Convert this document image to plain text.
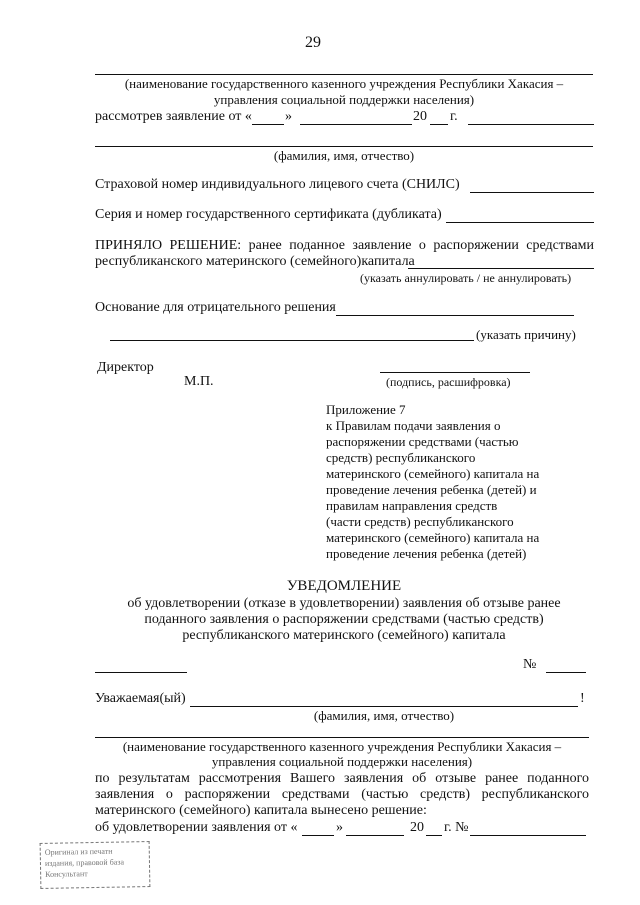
29
(наименование государственного казенного учреждения Республики Хакасия –
управления социальной поддержки населения)
рассмотрев заявление от « »	20 г.
(фамилия, имя, отчество)
Страховой номер индивидуального лицевого счета (СНИЛС)
Серия и номер государственного сертификата (дубликата)
ПРИНЯЛО РЕШЕНИЕ: ранее поданное заявление о распоряжении средствами
республиканского материнского (семейного)капитала
(указать аннулировать / не аннулировать)
Основание для отрицательного решения
(указать причину)
Директор
М.П.	(подпись, расшифровка)
Приложение 7
к Правилам подачи заявления о
распоряжении средствами (частью
средств) республиканского
материнского (семейного) капитала на
проведение лечения ребенка (детей) и
правилам направления средств
(части средств) республиканского
материнского (семейного) капитала на
проведение лечения ребенка (детей)
УВЕДОМЛЕНИЕ
об удовлетворении (отказе в удовлетворении) заявления об отзыве ранее
поданного заявления о распоряжении средствами (частью средств)
республиканского материнского (семейного) капитала
№
Уважаемая(ый)	!
(фамилия, имя, отчество)
(наименование государственного казенного учреждения Республики Хакасия –
управления социальной поддержки населения)
по результатам рассмотрения Вашего заявления об отзыве ранее поданного
заявления о распоряжении средствами (частью средств) республиканского
материнского (семейного) капитала вынесено решение:
об удовлетворении заявления от «	»	20 г. №
Оригинал из печатн
издания, правовой база
Консультант
